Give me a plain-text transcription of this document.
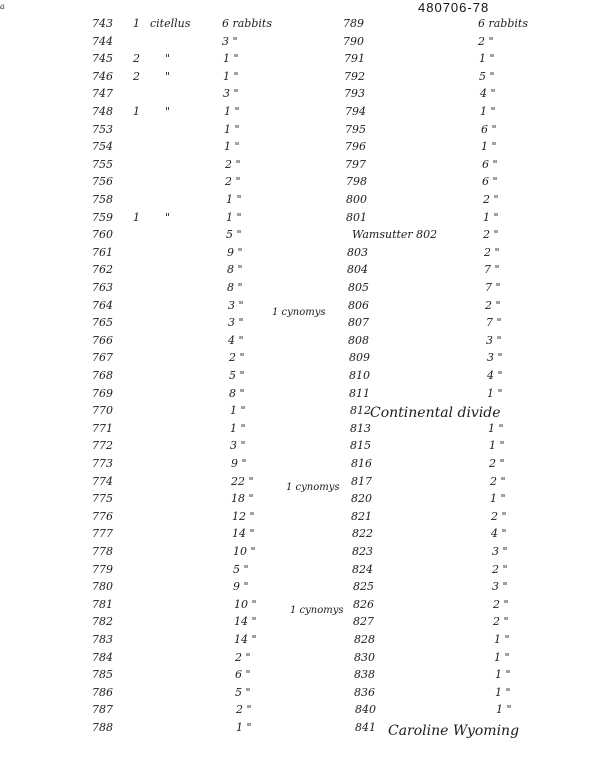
a	480706-78
743 1 citellus	6 rabbits
744	3 "
745 2 "	1 "
746 2 "	1 "
747	3 "
748 1 "	1 "
753	1 "
754	1 "
755	2 "
756	2 "
758	1 "
759 1 "	1 "
760	5 "
761	9 "
762	8 "
763	8 "
764	3 "
765	3 "
766	4 "
767	2 "
768	5 "
769	8 "
770	1 "
771	1 "
772	3 "
773	9 "
774	22 "
775	18 "
776	12 "
777	14 "
778	10 "
779	5 "
780	9 "
781	10 "
782	14 "
783	14 "
784	2 "
785	6 "
786	5 "
787	2 "
788	1 "
789	6 rabbits
790	2 "
791	1 "
792	5 "
793	4 "
794	1 "
795	6 "
796	1 "
797	6 "
798	6 "
800	2 "
801	1 "
Wamsutter 802	2 "
803	2 "
804	7 "
805	7 "
806	2 "
807	7 "
808	3 "
809	3 "
810	4 "
811	1 "
812
813	1 "
815	1 "
816	2 "
817	2 "
820	1 "
821	2 "
822	4 "
823	3 "
824	2 "
825	3 "
826	2 "
827	2 "
828	1 "
830	1 "
838	1 "
836	1 "
840	1 "
841
1 cynomys
1 cynomys
1 cynomys
Continental divide
Caroline Wyoming
